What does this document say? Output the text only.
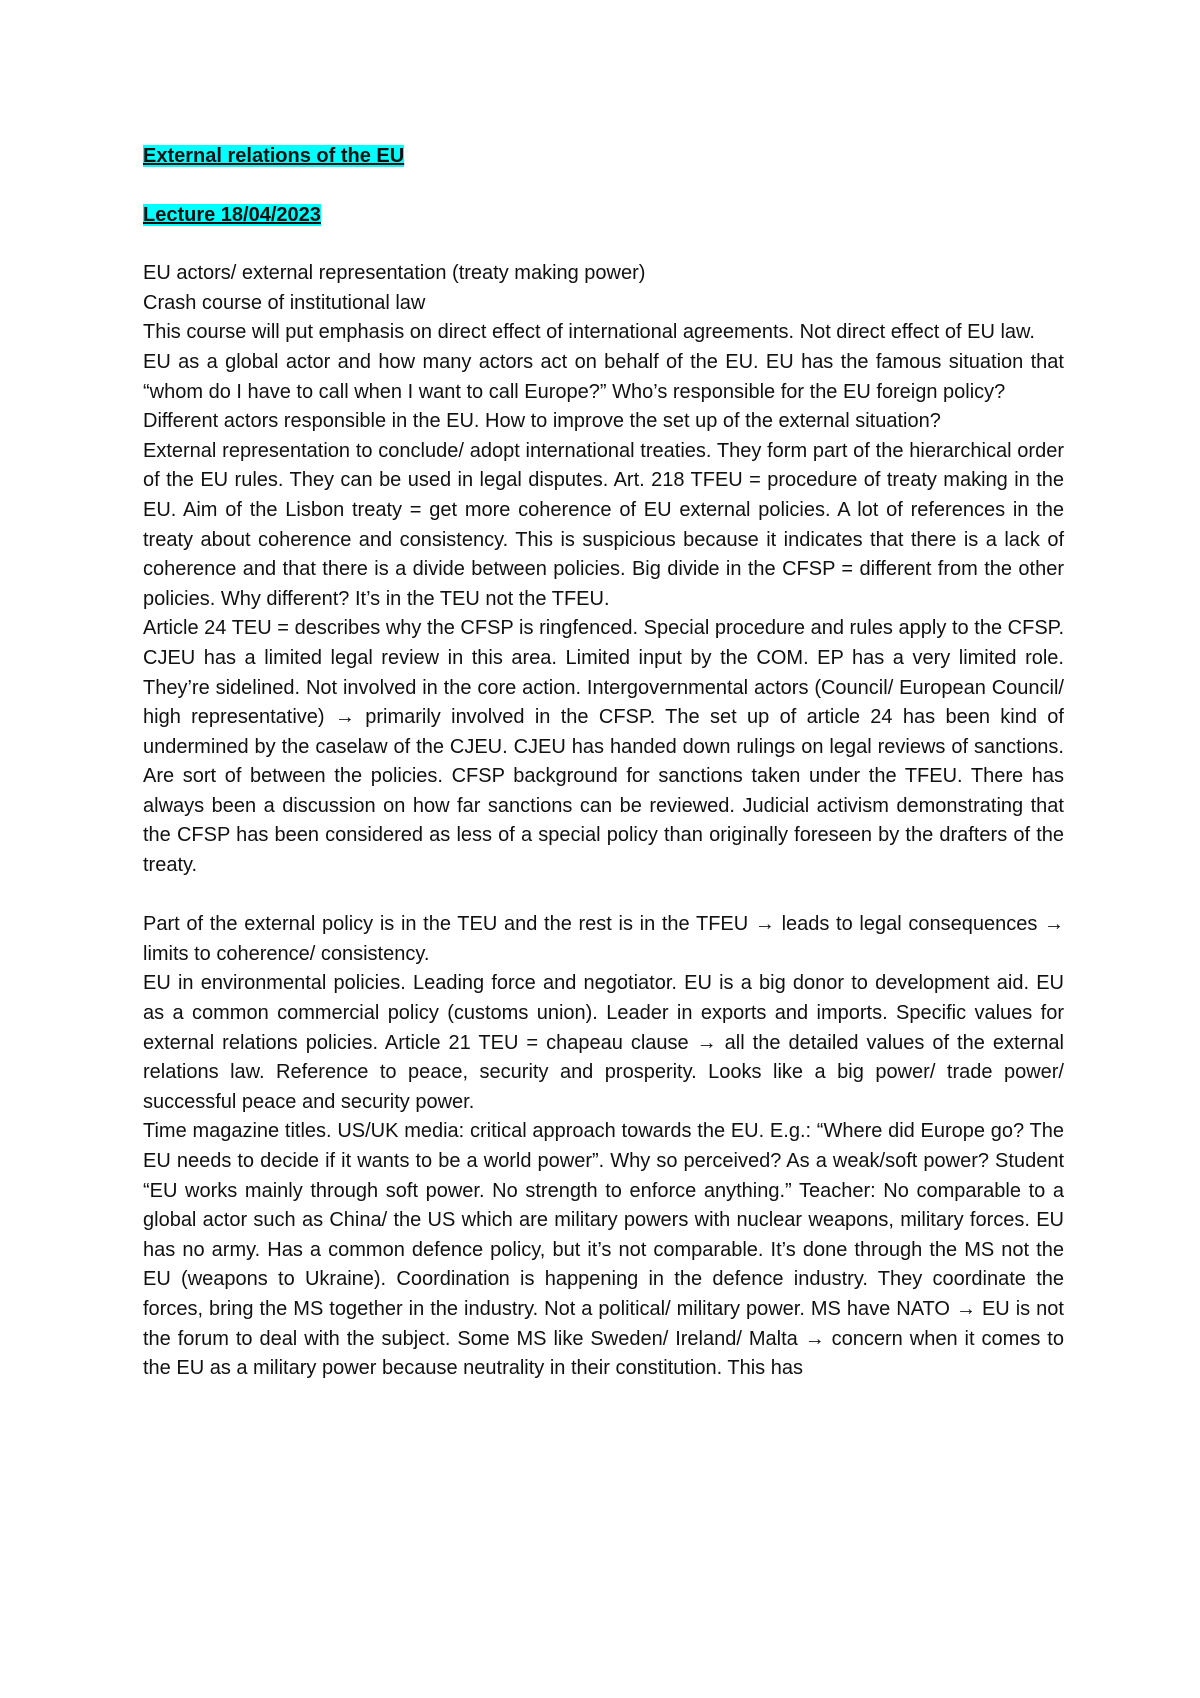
External relations of the EU

Lecture 18/04/2023

EU actors/ external representation (treaty making power)

Crash course of institutional law

This course will put emphasis on direct effect of international agreements. Not direct effect of EU law.

EU as a global actor and how many actors act on behalf of the EU. EU has the famous situation that “whom do I have to call when I want to call Europe?” Who’s responsible for the EU foreign policy?

Different actors responsible in the EU. How to improve the set up of the external situation?

External representation to conclude/ adopt international treaties. They form part of the hierarchical order of the EU rules. They can be used in legal disputes. Art. 218 TFEU = procedure of treaty making in the EU. Aim of the Lisbon treaty = get more coherence of EU external policies. A lot of references in the treaty about coherence and consistency. This is suspicious because it indicates that there is a lack of coherence and that there is a divide between policies. Big divide in the CFSP = different from the other policies. Why different? It’s in the TEU not the TFEU.

Article 24 TEU = describes why the CFSP is ringfenced. Special procedure and rules apply to the CFSP. CJEU has a limited legal review in this area. Limited input by the COM. EP has a very limited role. They’re sidelined. Not involved in the core action. Intergovernmental actors (Council/ European Council/ high representative) → primarily involved in the CFSP. The set up of article 24 has been kind of undermined by the caselaw of the CJEU. CJEU has handed down rulings on legal reviews of sanctions. Are sort of between the policies. CFSP background for sanctions taken under the TFEU. There has always been a discussion on how far sanctions can be reviewed. Judicial activism demonstrating that the CFSP has been considered as less of a special policy than originally foreseen by the drafters of the treaty.

Part of the external policy is in the TEU and the rest is in the TFEU → leads to legal consequences → limits to coherence/ consistency.

EU in environmental policies. Leading force and negotiator. EU is a big donor to development aid. EU as a common commercial policy (customs union). Leader in exports and imports. Specific values for external relations policies. Article 21 TEU = chapeau clause → all the detailed values of the external relations law. Reference to peace, security and prosperity. Looks like a big power/ trade power/ successful peace and security power.

Time magazine titles. US/UK media: critical approach towards the EU. E.g.: “Where did Europe go? The EU needs to decide if it wants to be a world power”. Why so perceived? As a weak/soft power? Student “EU works mainly through soft power. No strength to enforce anything.” Teacher: No comparable to a global actor such as China/ the US which are military powers with nuclear weapons, military forces. EU has no army. Has a common defence policy, but it’s not comparable. It’s done through the MS not the EU (weapons to Ukraine). Coordination is happening in the defence industry. They coordinate the forces, bring the MS together in the industry. Not a political/ military power. MS have NATO → EU is not the forum to deal with the subject. Some MS like Sweden/ Ireland/ Malta → concern when it comes to the EU as a military power because neutrality in their constitution. This has
